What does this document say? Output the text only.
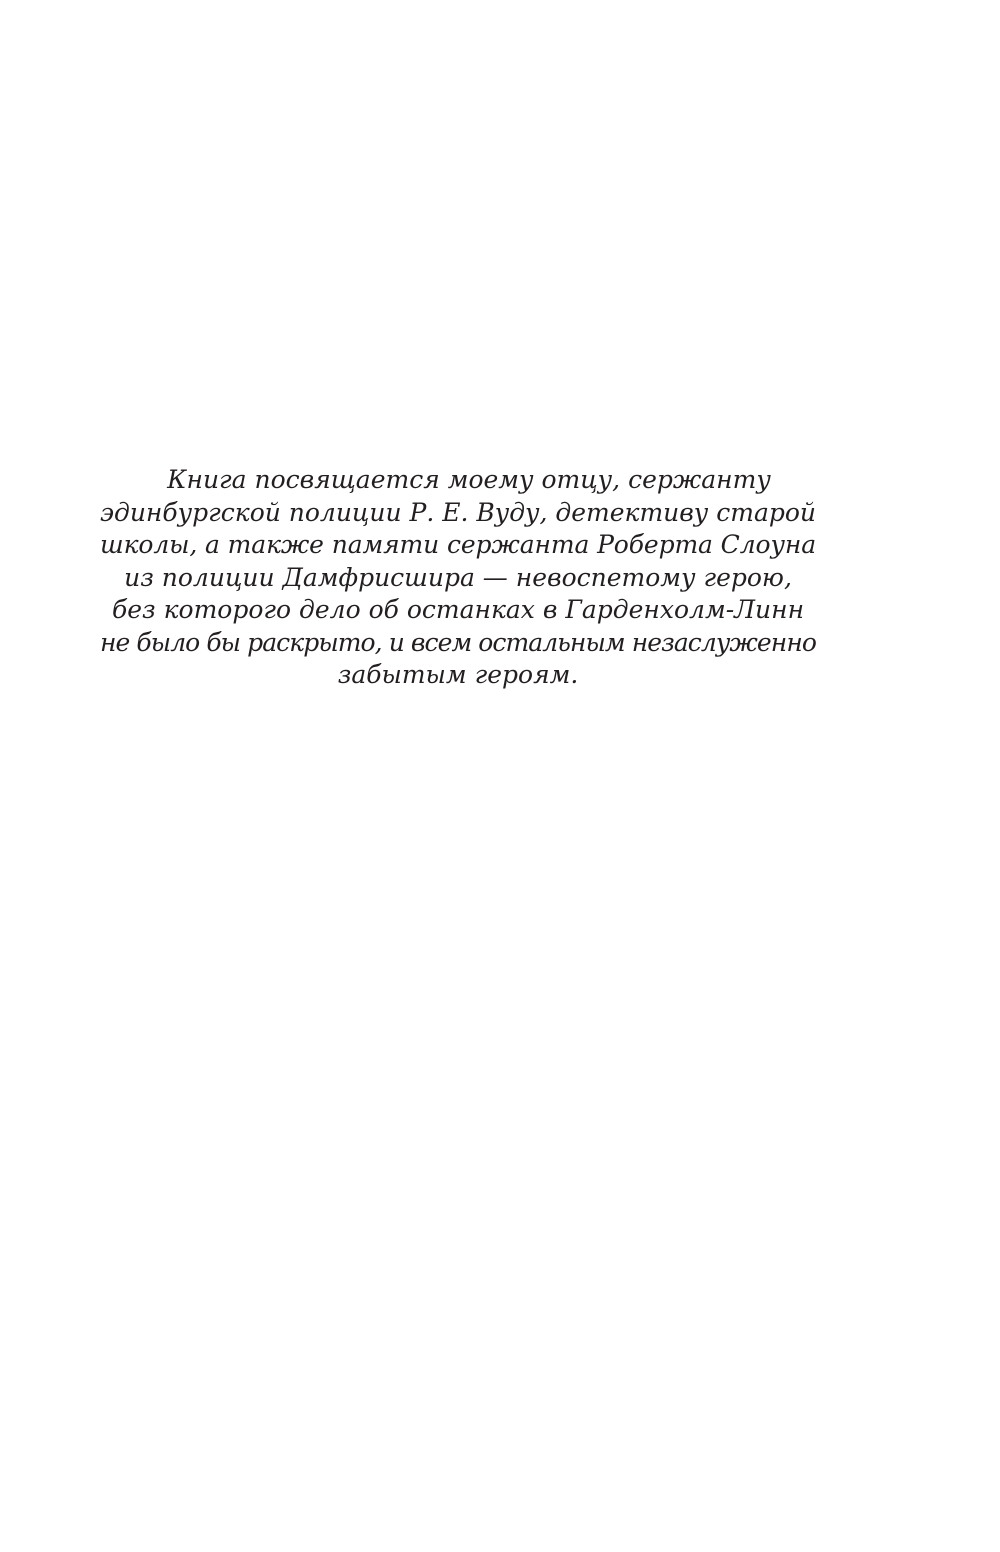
Книга посвящается моему отцу, сержанту
эдинбургской полиции Р. Е. Вуду, детективу старой
школы, а также памяти сержанта Роберта Слоуна
из полиции Дамфрисшира — невоспетому герою,
без которого дело об останках в Гарденхолм-Линн
не было бы раскрыто, и всем остальным незаслуженно
забытым героям.
